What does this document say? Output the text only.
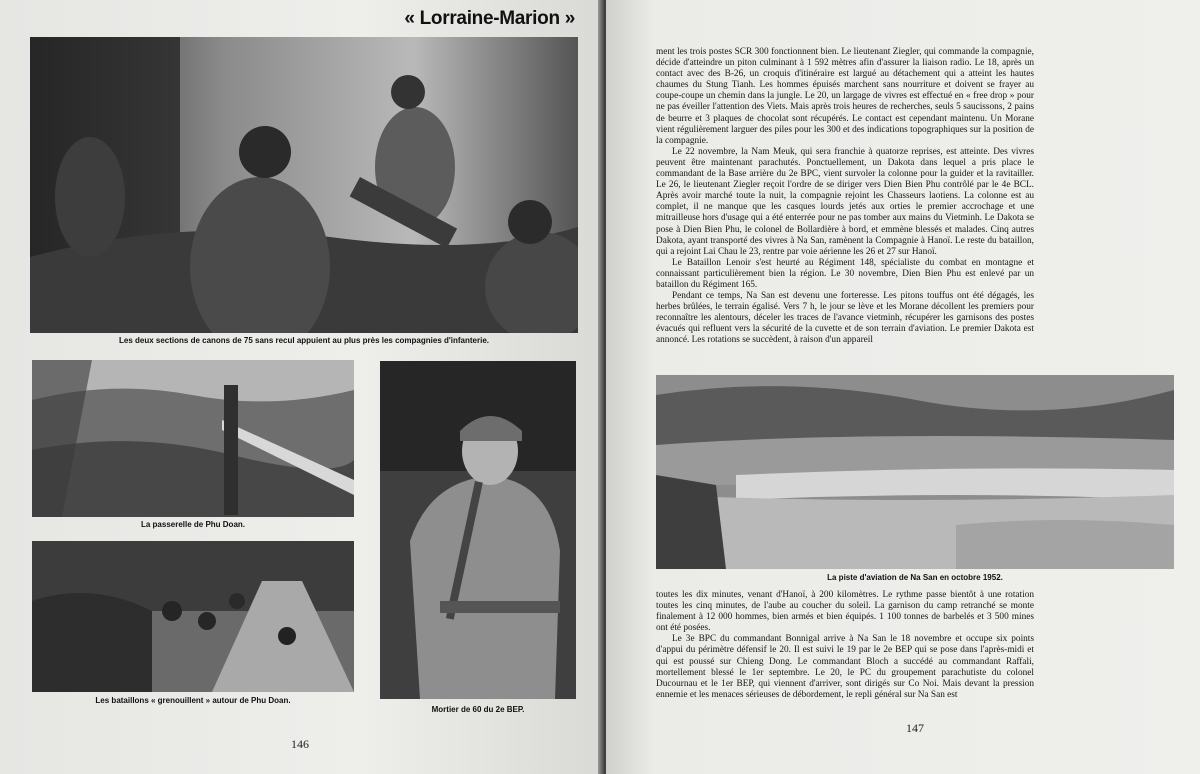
« Lorraine-Marion »
Les deux sections de canons de 75 sans recul appuient au plus près les compagnies d'infanterie.
La passerelle de Phu Doan.
Les bataillons « grenouillent » autour de Phu Doan.
Mortier de 60 du 2e BEP.
146

ment les trois postes SCR 300 fonctionnent bien. Le lieutenant Ziegler, qui commande la compagnie, décide d'atteindre un piton culminant à 1 592 mètres afin d'assurer la liaison radio. Le 18, après un contact avec des B-26, un croquis d'itinéraire est largué au détachement qui a atteint les hautes chaumes du Stung Tianh. Les hommes épuisés marchent sans nourriture et doivent se frayer au coupe-coupe un chemin dans la jungle. Le 20, un largage de vivres est effectué en « free drop » pour ne pas éveiller l'attention des Viets. Mais après trois heures de recherches, seuls 5 saucissons, 2 pains de beurre et 3 plaques de chocolat sont récupérés. Le contact est cependant maintenu. Un Morane vient régulièrement larguer des piles pour les 300 et des indications topographiques sur la position de la compagnie.

Le 22 novembre, la Nam Meuk, qui sera franchie à quatorze reprises, est atteinte. Des vivres peuvent être maintenant parachutés. Ponctuellement, un Dakota dans lequel a pris place le commandant de la Base arrière du 2e BPC, vient survoler la colonne pour la guider et la ravitailler. Le 26, le lieutenant Ziegler reçoit l'ordre de se diriger vers Dien Bien Phu contrôlé par le 4e BCL. Après avoir marché toute la nuit, la compagnie rejoint les Chasseurs laotiens. La colonne est au complet, il ne manque que les casques lourds jetés aux orties le premier accrochage et une mitrailleuse hors d'usage qui a été enterrée pour ne pas tomber aux mains du Vietminh. Le Dakota se pose à Dien Bien Phu, le colonel de Bollardière à bord, et emmène blessés et malades. Cinq autres Dakota, ayant transporté des vivres à Na San, ramènent la Compagnie à Hanoï. Le reste du bataillon, qui a rejoint Lai Chau le 23, rentre par voie aérienne les 26 et 27 sur Hanoï.

Le Bataillon Lenoir s'est heurté au Régiment 148, spécialiste du combat en montagne et connaissant particulièrement bien la région. Le 30 novembre, Dien Bien Phu est enlevé par un bataillon du Régiment 165.

Pendant ce temps, Na San est devenu une forteresse. Les pitons touffus ont été dégagés, les herbes brûlées, le terrain égalisé. Vers 7 h, le jour se lève et les Morane décollent les premiers pour reconnaître les alentours, déceler les traces de l'avance vietminh, récupérer les garnisons des postes évacués qui refluent vers la sécurité de la cuvette et de son terrain d'aviation. Le premier Dakota est annoncé. Les rotations se succèdent, à raison d'un appareil

La piste d'aviation de Na San en octobre 1952.

toutes les dix minutes, venant d'Hanoï, à 200 kilomètres. Le rythme passe bientôt à une rotation toutes les cinq minutes, de l'aube au coucher du soleil. La garnison du camp retranché se monte finalement à 12 000 hommes, bien armés et bien équipés. 1 100 tonnes de barbelés et 3 500 mines ont été posées.

Le 3e BPC du commandant Bonnigal arrive à Na San le 18 novembre et occupe six points d'appui du périmètre défensif le 20. Il est suivi le 19 par le 2e BEP qui se pose dans l'après-midi et qui est poussé sur Chieng Dong. Le commandant Bloch a succédé au commandant Raffali, mortellement blessé le 1er septembre. Le 20, le PC du groupement parachutiste du colonel Ducournau et le 1er BEP, qui viennent d'arriver, sont dirigés sur Co Noi. Mais devant la pression ennemie et les menaces sérieuses de débordement, le repli général sur Na San est

147
